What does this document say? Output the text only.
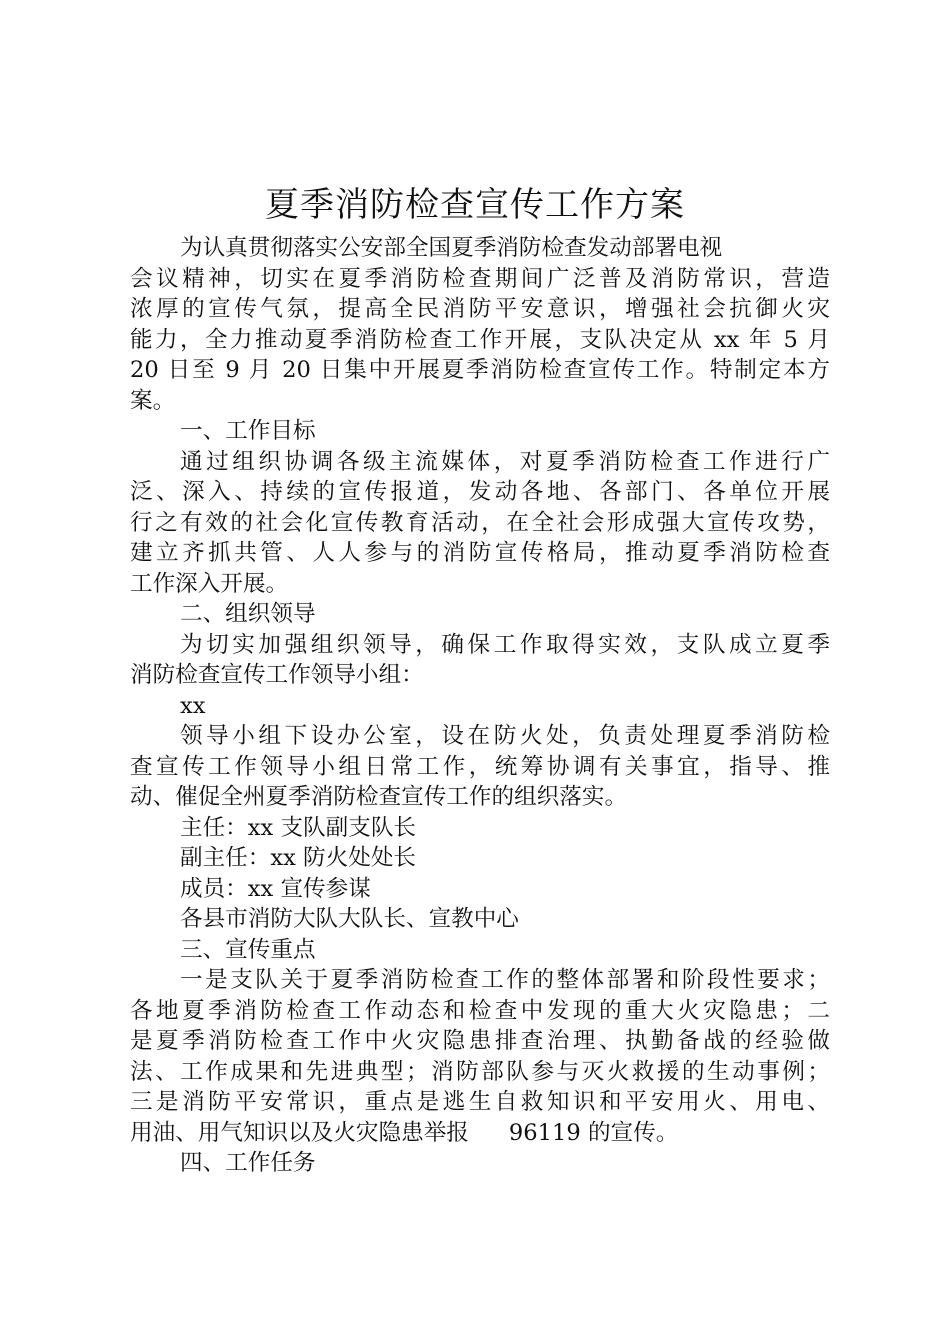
夏季消防检查宣传工作方案
为认真贯彻落实公安部全国夏季消防检查发动部署电视
会议精神，切实在夏季消防检查期间广泛普及消防常识，营造
浓厚的宣传气氛，提高全民消防平安意识，增强社会抗御火灾
能力，全力推动夏季消防检查工作开展，支队决定从 xx 年 5 月
20 日至 9 月 20 日集中开展夏季消防检查宣传工作。特制定本方
案。
一、工作目标
通过组织协调各级主流媒体，对夏季消防检查工作进行广
泛、深入、持续的宣传报道，发动各地、各部门、各单位开展
行之有效的社会化宣传教育活动，在全社会形成强大宣传攻势，
建立齐抓共管、人人参与的消防宣传格局，推动夏季消防检查
工作深入开展。
二、组织领导
为切实加强组织领导，确保工作取得实效，支队成立夏季
消防检查宣传工作领导小组：
xx
领导小组下设办公室，设在防火处，负责处理夏季消防检
查宣传工作领导小组日常工作，统筹协调有关事宜，指导、推
动、催促全州夏季消防检查宣传工作的组织落实。
主任：xx 支队副支队长
副主任：xx 防火处处长
成员：xx 宣传参谋
各县市消防大队大队长、宣教中心
三、宣传重点
一是支队关于夏季消防检查工作的整体部署和阶段性要求；
各地夏季消防检查工作动态和检查中发现的重大火灾隐患；二
是夏季消防检查工作中火灾隐患排查治理、执勤备战的经验做
法、工作成果和先进典型；消防部队参与灭火救援的生动事例；
三是消防平安常识，重点是逃生自救知识和平安用火、用电、
用油、用气知识以及火灾隐患举报 96119 的宣传。
四、工作任务
